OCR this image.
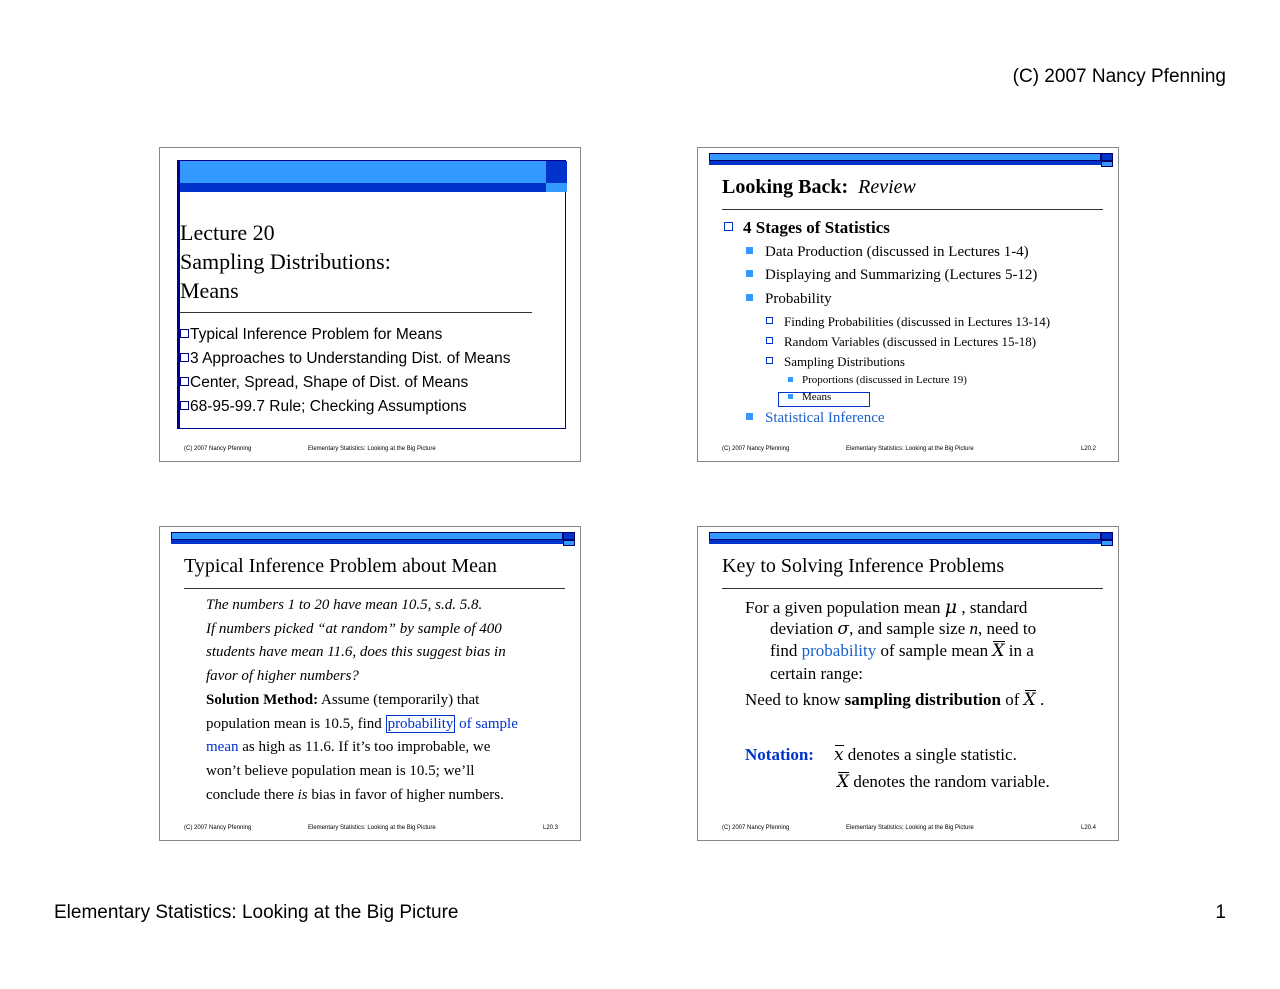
(C) 2007 Nancy Pfenning
Lecture 20
Sampling Distributions:
Means
Typical Inference Problem for Means
3 Approaches to Understanding Dist. of Means
Center, Spread, Shape of Dist. of Means
68-95-99.7 Rule; Checking Assumptions
(C) 2007 Nancy Pfenning	Elementary Statistics: Looking at the Big Picture
Looking Back: Review
4 Stages of Statistics
Data Production (discussed in Lectures 1-4)
Displaying and Summarizing (Lectures 5-12)
Probability
Finding Probabilities (discussed in Lectures 13-14)
Random Variables (discussed in Lectures 15-18)
Sampling Distributions
Proportions (discussed in Lecture 19)
Means
Statistical Inference
(C) 2007 Nancy Pfenning	Elementary Statistics: Looking at the Big Picture	L20.2
Typical Inference Problem about Mean
The numbers 1 to 20 have mean 10.5, s.d. 5.8.
If numbers picked “at random” by sample of 400
students have mean 11.6, does this suggest bias in
favor of higher numbers?
Solution Method: Assume (temporarily) that
population mean is 10.5, find probability of sample
mean as high as 11.6. If it’s too improbable, we
won’t believe population mean is 10.5; we’ll
conclude there is bias in favor of higher numbers.
(C) 2007 Nancy Pfenning	Elementary Statistics: Looking at the Big Picture	L20.3
Key to Solving Inference Problems
For a given population mean μ , standard
deviation σ, and sample size n, need to
find probability of sample mean X in a
certain range:
Need to know sampling distribution of X .
Notation: x denotes a single statistic.
X denotes the random variable.
(C) 2007 Nancy Pfenning	Elementary Statistics: Looking at the Big Picture	L20.4
Elementary Statistics: Looking at the Big Picture	1
